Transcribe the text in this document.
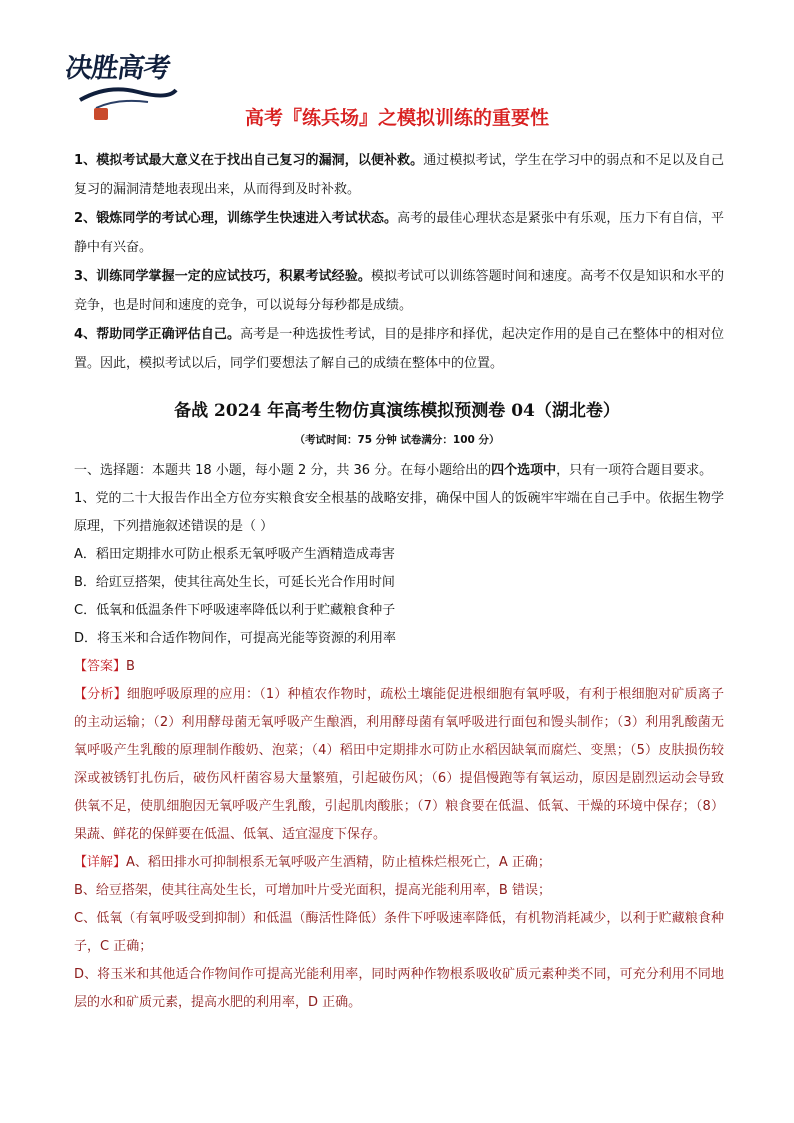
决胜高考
高考『练兵场』之模拟训练的重要性

1、模拟考试最大意义在于找出自己复习的漏洞，以便补救。通过模拟考试，学生在学习中的弱点和不足以及自己复习的漏洞清楚地表现出来，从而得到及时补救。

2、锻炼同学的考试心理，训练学生快速进入考试状态。高考的最佳心理状态是紧张中有乐观，压力下有自信，平静中有兴奋。

3、训练同学掌握一定的应试技巧，积累考试经验。模拟考试可以训练答题时间和速度。高考不仅是知识和水平的竞争，也是时间和速度的竞争，可以说每分每秒都是成绩。

4、帮助同学正确评估自己。高考是一种选拔性考试，目的是排序和择优，起决定作用的是自己在整体中的相对位置。因此，模拟考试以后，同学们要想法了解自己的成绩在整体中的位置。

备战 2024 年高考生物仿真演练模拟预测卷 04（湖北卷）
（考试时间：75 分钟 试卷满分：100 分）

一、选择题：本题共 18 小题，每小题 2 分，共 36 分。在每小题给出的四个选项中，只有一项符合题目要求。

1、党的二十大报告作出全方位夯实粮食安全根基的战略安排，确保中国人的饭碗牢牢端在自己手中。依据生物学原理，下列措施叙述错误的是（ ）

A．稻田定期排水可防止根系无氧呼吸产生酒精造成毒害

B．给豇豆搭架，使其往高处生长，可延长光合作用时间

C．低氧和低温条件下呼吸速率降低以利于贮藏粮食种子

D．将玉米和合适作物间作，可提高光能等资源的利用率

【答案】B

【分析】细胞呼吸原理的应用：（1）种植农作物时，疏松土壤能促进根细胞有氧呼吸，有利于根细胞对矿质离子的主动运输；（2）利用酵母菌无氧呼吸产生酿酒，利用酵母菌有氧呼吸进行面包和馒头制作；（3）利用乳酸菌无氧呼吸产生乳酸的原理制作酸奶、泡菜；（4）稻田中定期排水可防止水稻因缺氧而腐烂、变黑；（5）皮肤损伤较深或被锈钉扎伤后，破伤风杆菌容易大量繁殖，引起破伤风；（6）提倡慢跑等有氧运动，原因是剧烈运动会导致供氧不足，使肌细胞因无氧呼吸产生乳酸，引起肌肉酸胀；（7）粮食要在低温、低氧、干燥的环境中保存；（8）果蔬、鲜花的保鲜要在低温、低氧、适宜湿度下保存。

【详解】A、稻田排水可抑制根系无氧呼吸产生酒精，防止植株烂根死亡，A 正确；

B、给豆搭架，使其往高处生长，可增加叶片受光面积，提高光能利用率，B 错误；

C、低氧（有氧呼吸受到抑制）和低温（酶活性降低）条件下呼吸速率降低，有机物消耗减少，以利于贮藏粮食种子，C 正确；

D、将玉米和其他适合作物间作可提高光能利用率，同时两种作物根系吸收矿质元素种类不同，可充分利用不同地层的水和矿质元素，提高水肥的利用率，D 正确。
